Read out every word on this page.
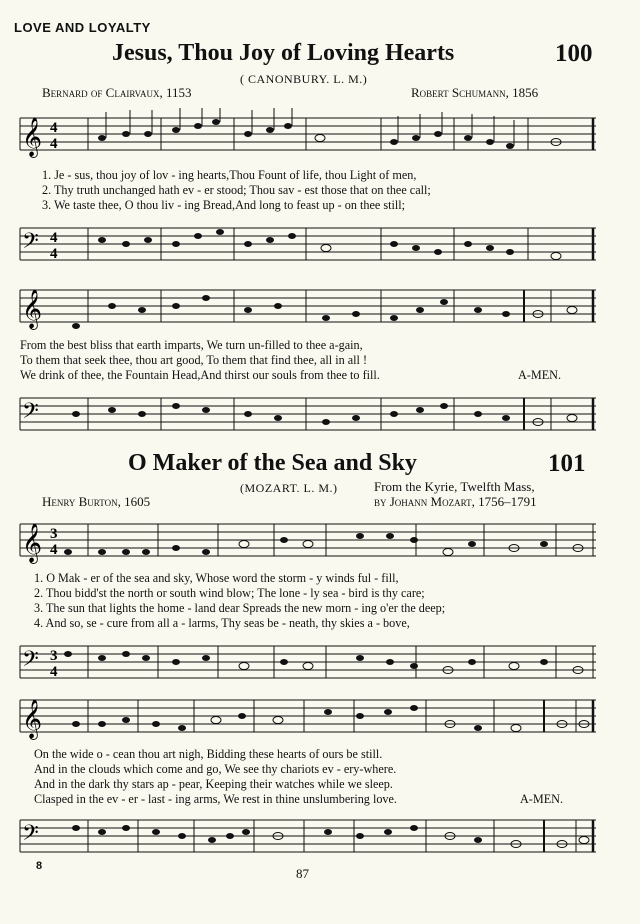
LOVE AND LOYALTY
Jesus, Thou Joy of Loving Hearts	100
( CANONBURY. L. M.)
Bernard of Clairvaux, 1153	Robert Schumann, 1856
𝄞 4
4
1. Je - sus, thou joy of lov - ing hearts,Thou Fount of life, thou Light of men,
2. Thy truth unchanged hath ev - er stood; Thou sav - est those that on thee call;
3. We taste thee, O thou liv - ing Bread,And long to feast up - on thee still;
𝄢 4
4
𝄞
From the best bliss that earth imparts, We turn un-filled to thee a-gain,
To them that seek thee, thou art good, To them that find thee, all in all !
We drink of thee, the Fountain Head,And thirst our souls from thee to fill.	A-MEN.
𝄢
O Maker of the Sea and Sky	101
(MOZART. L. M.)	From the Kyrie, Twelfth Mass,
Henry Burton, 1605	by Johann Mozart, 1756–1791
𝄞 3
4
1. O Mak - er of the sea and sky, Whose word the storm - y winds ful - fill,
2. Thou bidd'st the north or south wind blow; The lone - ly sea - bird is thy care;
3. The sun that lights the home - land dear Spreads the new morn - ing o'er the deep;
4. And so, se - cure from all a - larms, Thy seas be - neath, thy skies a - bove,
𝄢 3
4
𝄞
On the wide o - cean thou art nigh, Bidding these hearts of ours be still.
And in the clouds which come and go, We see thy chariots ev - ery-where.
And in the dark thy stars ap - pear, Keeping their watches while we sleep.
Clasped in the ev - er - last - ing arms, We rest in thine unslumbering love.	A-MEN.
𝄢
8	87
